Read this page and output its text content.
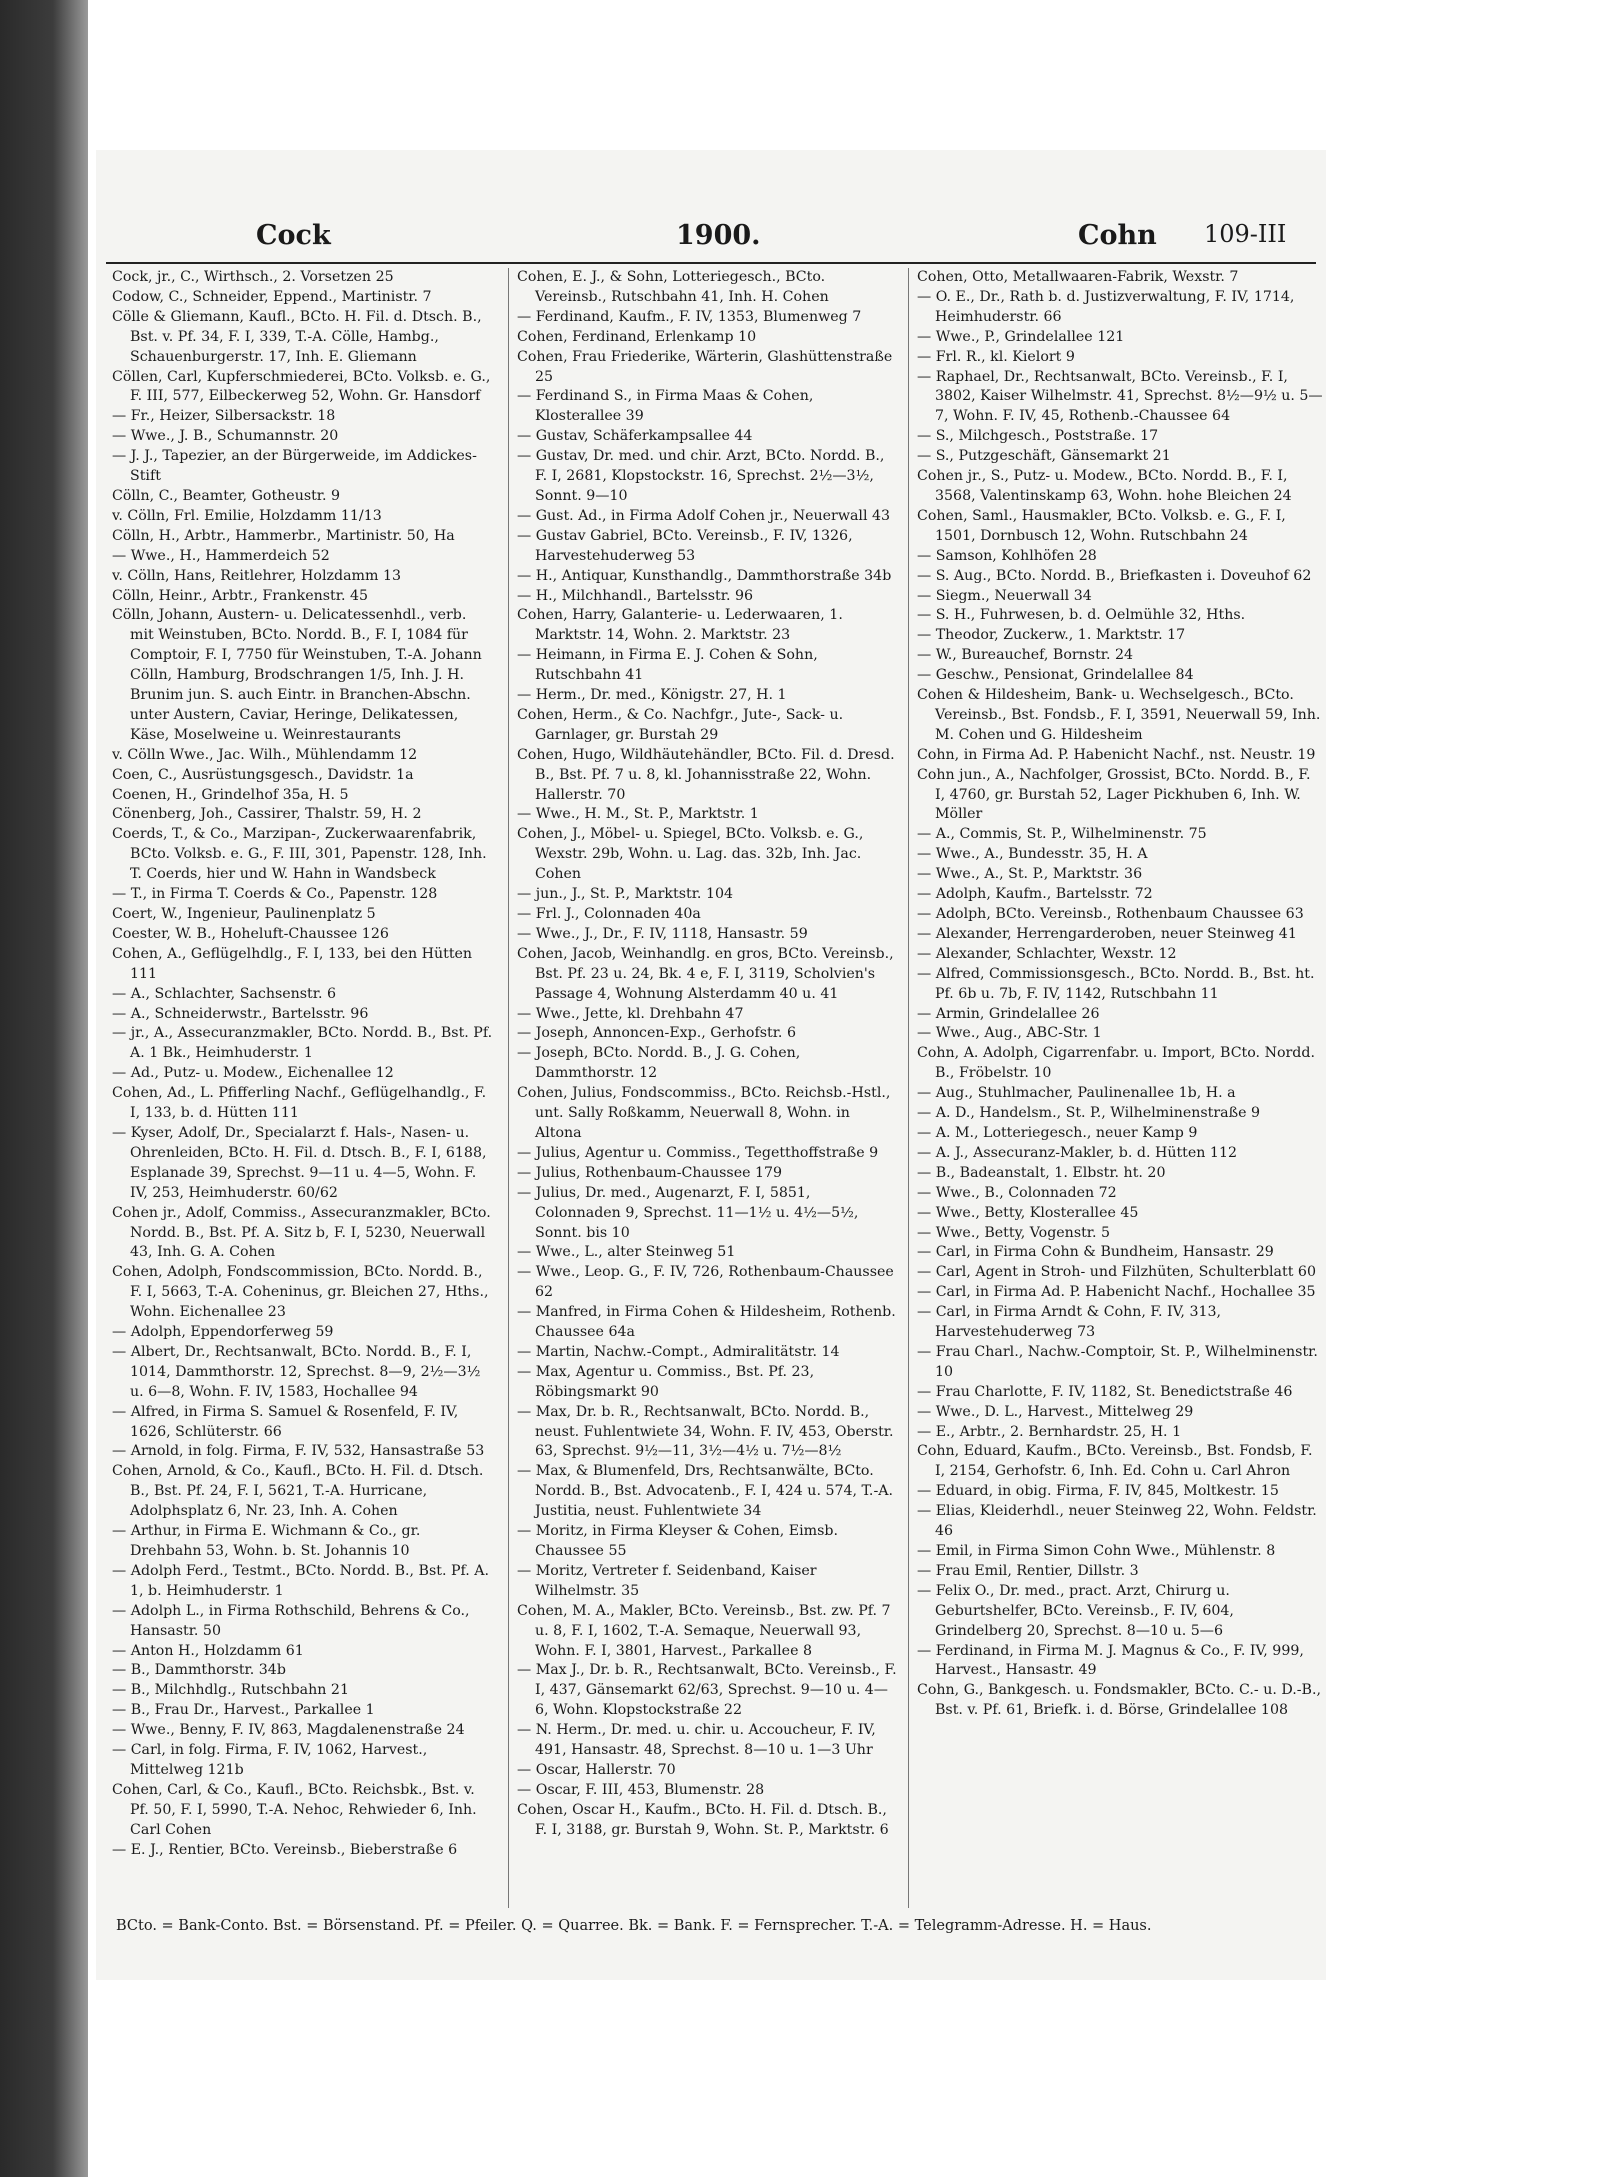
Cock	1900.	Cohn 109-III

Cock, jr., C., Wirthsch., 2. Vorsetzen 25

Codow, C., Schneider, Eppend., Martinistr. 7

Cölle & Gliemann, Kaufl., BCto. H. Fil. d. Dtsch. B., Bst. v. Pf. 34, F. I, 339, T.-A. Cölle, Hambg., Schauenburgerstr. 17, Inh. E. Gliemann

Cöllen, Carl, Kupferschmiederei, BCto. Volksb. e. G., F. III, 577, Eilbeckerweg 52, Wohn. Gr. Hansdorf

— Fr., Heizer, Silbersackstr. 18

— Wwe., J. B., Schumannstr. 20

— J. J., Tapezier, an der Bürgerweide, im Addickes-Stift

Cölln, C., Beamter, Gotheustr. 9

v. Cölln, Frl. Emilie, Holzdamm 11/13

Cölln, H., Arbtr., Hammerbr., Martinistr. 50, Ha

— Wwe., H., Hammerdeich 52

v. Cölln, Hans, Reitlehrer, Holzdamm 13

Cölln, Heinr., Arbtr., Frankenstr. 45

Cölln, Johann, Austern- u. Delicatessenhdl., verb. mit Weinstuben, BCto. Nordd. B., F. I, 1084 für Comptoir, F. I, 7750 für Weinstuben, T.-A. Johann Cölln, Hamburg, Brodschrangen 1/5, Inh. J. H. Brunim jun. S. auch Eintr. in Branchen-Abschn. unter Austern, Caviar, Heringe, Delikatessen, Käse, Moselweine u. Weinrestaurants

v. Cölln Wwe., Jac. Wilh., Mühlendamm 12

Coen, C., Ausrüstungsgesch., Davidstr. 1a

Coenen, H., Grindelhof 35a, H. 5

Cönenberg, Joh., Cassirer, Thalstr. 59, H. 2

Coerds, T., & Co., Marzipan-, Zuckerwaarenfabrik, BCto. Volksb. e. G., F. III, 301, Papenstr. 128, Inh. T. Coerds, hier und W. Hahn in Wandsbeck

— T., in Firma T. Coerds & Co., Papenstr. 128

Coert, W., Ingenieur, Paulinenplatz 5

Coester, W. B., Hoheluft-Chaussee 126

Cohen, A., Geflügelhdlg., F. I, 133, bei den Hütten 111

— A., Schlachter, Sachsenstr. 6

— A., Schneiderwstr., Bartelsstr. 96

— jr., A., Assecuranzmakler, BCto. Nordd. B., Bst. Pf. A. 1 Bk., Heimhuderstr. 1

— Ad., Putz- u. Modew., Eichenallee 12

Cohen, Ad., L. Pfifferling Nachf., Geflügelhandlg., F. I, 133, b. d. Hütten 111

— Kyser, Adolf, Dr., Specialarzt f. Hals-, Nasen- u. Ohrenleiden, BCto. H. Fil. d. Dtsch. B., F. I, 6188, Esplanade 39, Sprechst. 9—11 u. 4—5, Wohn. F. IV, 253, Heimhuderstr. 60/62

Cohen jr., Adolf, Commiss., Assecuranzmakler, BCto. Nordd. B., Bst. Pf. A. Sitz b, F. I, 5230, Neuerwall 43, Inh. G. A. Cohen

Cohen, Adolph, Fondscommission, BCto. Nordd. B., F. I, 5663, T.-A. Coheninus, gr. Bleichen 27, Hths., Wohn. Eichenallee 23

— Adolph, Eppendorferweg 59

— Albert, Dr., Rechtsanwalt, BCto. Nordd. B., F. I, 1014, Dammthorstr. 12, Sprechst. 8—9, 2½—3½ u. 6—8, Wohn. F. IV, 1583, Hochallee 94

— Alfred, in Firma S. Samuel & Rosenfeld, F. IV, 1626, Schlüterstr. 66

— Arnold, in folg. Firma, F. IV, 532, Hansastraße 53

Cohen, Arnold, & Co., Kaufl., BCto. H. Fil. d. Dtsch. B., Bst. Pf. 24, F. I, 5621, T.-A. Hurricane, Adolphsplatz 6, Nr. 23, Inh. A. Cohen

— Arthur, in Firma E. Wichmann & Co., gr. Drehbahn 53, Wohn. b. St. Johannis 10

— Adolph Ferd., Testmt., BCto. Nordd. B., Bst. Pf. A. 1, b. Heimhuderstr. 1

— Adolph L., in Firma Rothschild, Behrens & Co., Hansastr. 50

— Anton H., Holzdamm 61

— B., Dammthorstr. 34b

— B., Milchhdlg., Rutschbahn 21

— B., Frau Dr., Harvest., Parkallee 1

— Wwe., Benny, F. IV, 863, Magdalenenstraße 24

— Carl, in folg. Firma, F. IV, 1062, Harvest., Mittelweg 121b

Cohen, Carl, & Co., Kaufl., BCto. Reichsbk., Bst. v. Pf. 50, F. I, 5990, T.-A. Nehoc, Rehwieder 6, Inh. Carl Cohen

— E. J., Rentier, BCto. Vereinsb., Bieberstraße 6

Cohen, E. J., & Sohn, Lotteriegesch., BCto. Vereinsb., Rutschbahn 41, Inh. H. Cohen

— Ferdinand, Kaufm., F. IV, 1353, Blumenweg 7

Cohen, Ferdinand, Erlenkamp 10

Cohen, Frau Friederike, Wärterin, Glashüttenstraße 25

— Ferdinand S., in Firma Maas & Cohen, Klosterallee 39

— Gustav, Schäferkampsallee 44

— Gustav, Dr. med. und chir. Arzt, BCto. Nordd. B., F. I, 2681, Klopstockstr. 16, Sprechst. 2½—3½, Sonnt. 9—10

— Gust. Ad., in Firma Adolf Cohen jr., Neuerwall 43

— Gustav Gabriel, BCto. Vereinsb., F. IV, 1326, Harvestehuderweg 53

— H., Antiquar, Kunsthandlg., Dammthorstraße 34b

— H., Milchhandl., Bartelsstr. 96

Cohen, Harry, Galanterie- u. Lederwaaren, 1. Marktstr. 14, Wohn. 2. Marktstr. 23

— Heimann, in Firma E. J. Cohen & Sohn, Rutschbahn 41

— Herm., Dr. med., Königstr. 27, H. 1

Cohen, Herm., & Co. Nachfgr., Jute-, Sack- u. Garnlager, gr. Burstah 29

Cohen, Hugo, Wildhäutehändler, BCto. Fil. d. Dresd. B., Bst. Pf. 7 u. 8, kl. Johannisstraße 22, Wohn. Hallerstr. 70

— Wwe., H. M., St. P., Marktstr. 1

Cohen, J., Möbel- u. Spiegel, BCto. Volksb. e. G., Wexstr. 29b, Wohn. u. Lag. das. 32b, Inh. Jac. Cohen

— jun., J., St. P., Marktstr. 104

— Frl. J., Colonnaden 40a

— Wwe., J., Dr., F. IV, 1118, Hansastr. 59

Cohen, Jacob, Weinhandlg. en gros, BCto. Vereinsb., Bst. Pf. 23 u. 24, Bk. 4 e, F. I, 3119, Scholvien's Passage 4, Wohnung Alsterdamm 40 u. 41

— Wwe., Jette, kl. Drehbahn 47

— Joseph, Annoncen-Exp., Gerhofstr. 6

— Joseph, BCto. Nordd. B., J. G. Cohen, Dammthorstr. 12

Cohen, Julius, Fondscommiss., BCto. Reichsb.-Hstl., unt. Sally Roßkamm, Neuerwall 8, Wohn. in Altona

— Julius, Agentur u. Commiss., Tegetthoffstraße 9

— Julius, Rothenbaum-Chaussee 179

— Julius, Dr. med., Augenarzt, F. I, 5851, Colonnaden 9, Sprechst. 11—1½ u. 4½—5½, Sonnt. bis 10

— Wwe., L., alter Steinweg 51

— Wwe., Leop. G., F. IV, 726, Rothenbaum-Chaussee 62

— Manfred, in Firma Cohen & Hildesheim, Rothenb. Chaussee 64a

— Martin, Nachw.-Compt., Admiralitätstr. 14

— Max, Agentur u. Commiss., Bst. Pf. 23, Röbingsmarkt 90

— Max, Dr. b. R., Rechtsanwalt, BCto. Nordd. B., neust. Fuhlentwiete 34, Wohn. F. IV, 453, Oberstr. 63, Sprechst. 9½—11, 3½—4½ u. 7½—8½

— Max, & Blumenfeld, Drs, Rechtsanwälte, BCto. Nordd. B., Bst. Advocatenb., F. I, 424 u. 574, T.-A. Justitia, neust. Fuhlentwiete 34

— Moritz, in Firma Kleyser & Cohen, Eimsb. Chaussee 55

— Moritz, Vertreter f. Seidenband, Kaiser Wilhelmstr. 35

Cohen, M. A., Makler, BCto. Vereinsb., Bst. zw. Pf. 7 u. 8, F. I, 1602, T.-A. Semaque, Neuerwall 93, Wohn. F. I, 3801, Harvest., Parkallee 8

— Max J., Dr. b. R., Rechtsanwalt, BCto. Vereinsb., F. I, 437, Gänsemarkt 62/63, Sprechst. 9—10 u. 4—6, Wohn. Klopstockstraße 22

— N. Herm., Dr. med. u. chir. u. Accoucheur, F. IV, 491, Hansastr. 48, Sprechst. 8—10 u. 1—3 Uhr

— Oscar, Hallerstr. 70

— Oscar, F. III, 453, Blumenstr. 28

Cohen, Oscar H., Kaufm., BCto. H. Fil. d. Dtsch. B., F. I, 3188, gr. Burstah 9, Wohn. St. P., Marktstr. 6

Cohen, Otto, Metallwaaren-Fabrik, Wexstr. 7

— O. E., Dr., Rath b. d. Justizverwaltung, F. IV, 1714, Heimhuderstr. 66

— Wwe., P., Grindelallee 121

— Frl. R., kl. Kielort 9

— Raphael, Dr., Rechtsanwalt, BCto. Vereinsb., F. I, 3802, Kaiser Wilhelmstr. 41, Sprechst. 8½—9½ u. 5—7, Wohn. F. IV, 45, Rothenb.-Chaussee 64

— S., Milchgesch., Poststraße. 17

— S., Putzgeschäft, Gänsemarkt 21

Cohen jr., S., Putz- u. Modew., BCto. Nordd. B., F. I, 3568, Valentinskamp 63, Wohn. hohe Bleichen 24

Cohen, Saml., Hausmakler, BCto. Volksb. e. G., F. I, 1501, Dornbusch 12, Wohn. Rutschbahn 24

— Samson, Kohlhöfen 28

— S. Aug., BCto. Nordd. B., Briefkasten i. Doveuhof 62

— Siegm., Neuerwall 34

— S. H., Fuhrwesen, b. d. Oelmühle 32, Hths.

— Theodor, Zuckerw., 1. Marktstr. 17

— W., Bureauchef, Bornstr. 24

— Geschw., Pensionat, Grindelallee 84

Cohen & Hildesheim, Bank- u. Wechselgesch., BCto. Vereinsb., Bst. Fondsb., F. I, 3591, Neuerwall 59, Inh. M. Cohen und G. Hildesheim

Cohn, in Firma Ad. P. Habenicht Nachf., nst. Neustr. 19

Cohn jun., A., Nachfolger, Grossist, BCto. Nordd. B., F. I, 4760, gr. Burstah 52, Lager Pickhuben 6, Inh. W. Möller

— A., Commis, St. P., Wilhelminenstr. 75

— Wwe., A., Bundesstr. 35, H. A

— Wwe., A., St. P., Marktstr. 36

— Adolph, Kaufm., Bartelsstr. 72

— Adolph, BCto. Vereinsb., Rothenbaum Chaussee 63

— Alexander, Herrengarderoben, neuer Steinweg 41

— Alexander, Schlachter, Wexstr. 12

— Alfred, Commissionsgesch., BCto. Nordd. B., Bst. ht. Pf. 6b u. 7b, F. IV, 1142, Rutschbahn 11

— Armin, Grindelallee 26

— Wwe., Aug., ABC-Str. 1

Cohn, A. Adolph, Cigarrenfabr. u. Import, BCto. Nordd. B., Fröbelstr. 10

— Aug., Stuhlmacher, Paulinenallee 1b, H. a

— A. D., Handelsm., St. P., Wilhelminenstraße 9

— A. M., Lotteriegesch., neuer Kamp 9

— A. J., Assecuranz-Makler, b. d. Hütten 112

— B., Badeanstalt, 1. Elbstr. ht. 20

— Wwe., B., Colonnaden 72

— Wwe., Betty, Klosterallee 45

— Wwe., Betty, Vogenstr. 5

— Carl, in Firma Cohn & Bundheim, Hansastr. 29

— Carl, Agent in Stroh- und Filzhüten, Schulterblatt 60

— Carl, in Firma Ad. P. Habenicht Nachf., Hochallee 35

— Carl, in Firma Arndt & Cohn, F. IV, 313, Harvestehuderweg 73

— Frau Charl., Nachw.-Comptoir, St. P., Wilhelminenstr. 10

— Frau Charlotte, F. IV, 1182, St. Benedictstraße 46

— Wwe., D. L., Harvest., Mittelweg 29

— E., Arbtr., 2. Bernhardstr. 25, H. 1

Cohn, Eduard, Kaufm., BCto. Vereinsb., Bst. Fondsb, F. I, 2154, Gerhofstr. 6, Inh. Ed. Cohn u. Carl Ahron

— Eduard, in obig. Firma, F. IV, 845, Moltkestr. 15

— Elias, Kleiderhdl., neuer Steinweg 22, Wohn. Feldstr. 46

— Emil, in Firma Simon Cohn Wwe., Mühlenstr. 8

— Frau Emil, Rentier, Dillstr. 3

— Felix O., Dr. med., pract. Arzt, Chirurg u. Geburtshelfer, BCto. Vereinsb., F. IV, 604, Grindelberg 20, Sprechst. 8—10 u. 5—6

— Ferdinand, in Firma M. J. Magnus & Co., F. IV, 999, Harvest., Hansastr. 49

Cohn, G., Bankgesch. u. Fondsmakler, BCto. C.- u. D.-B., Bst. v. Pf. 61, Briefk. i. d. Börse, Grindelallee 108

BCto. = Bank-Conto. Bst. = Börsenstand. Pf. = Pfeiler. Q. = Quarree. Bk. = Bank. F. = Fernsprecher. T.-A. = Telegramm-Adresse. H. = Haus.
